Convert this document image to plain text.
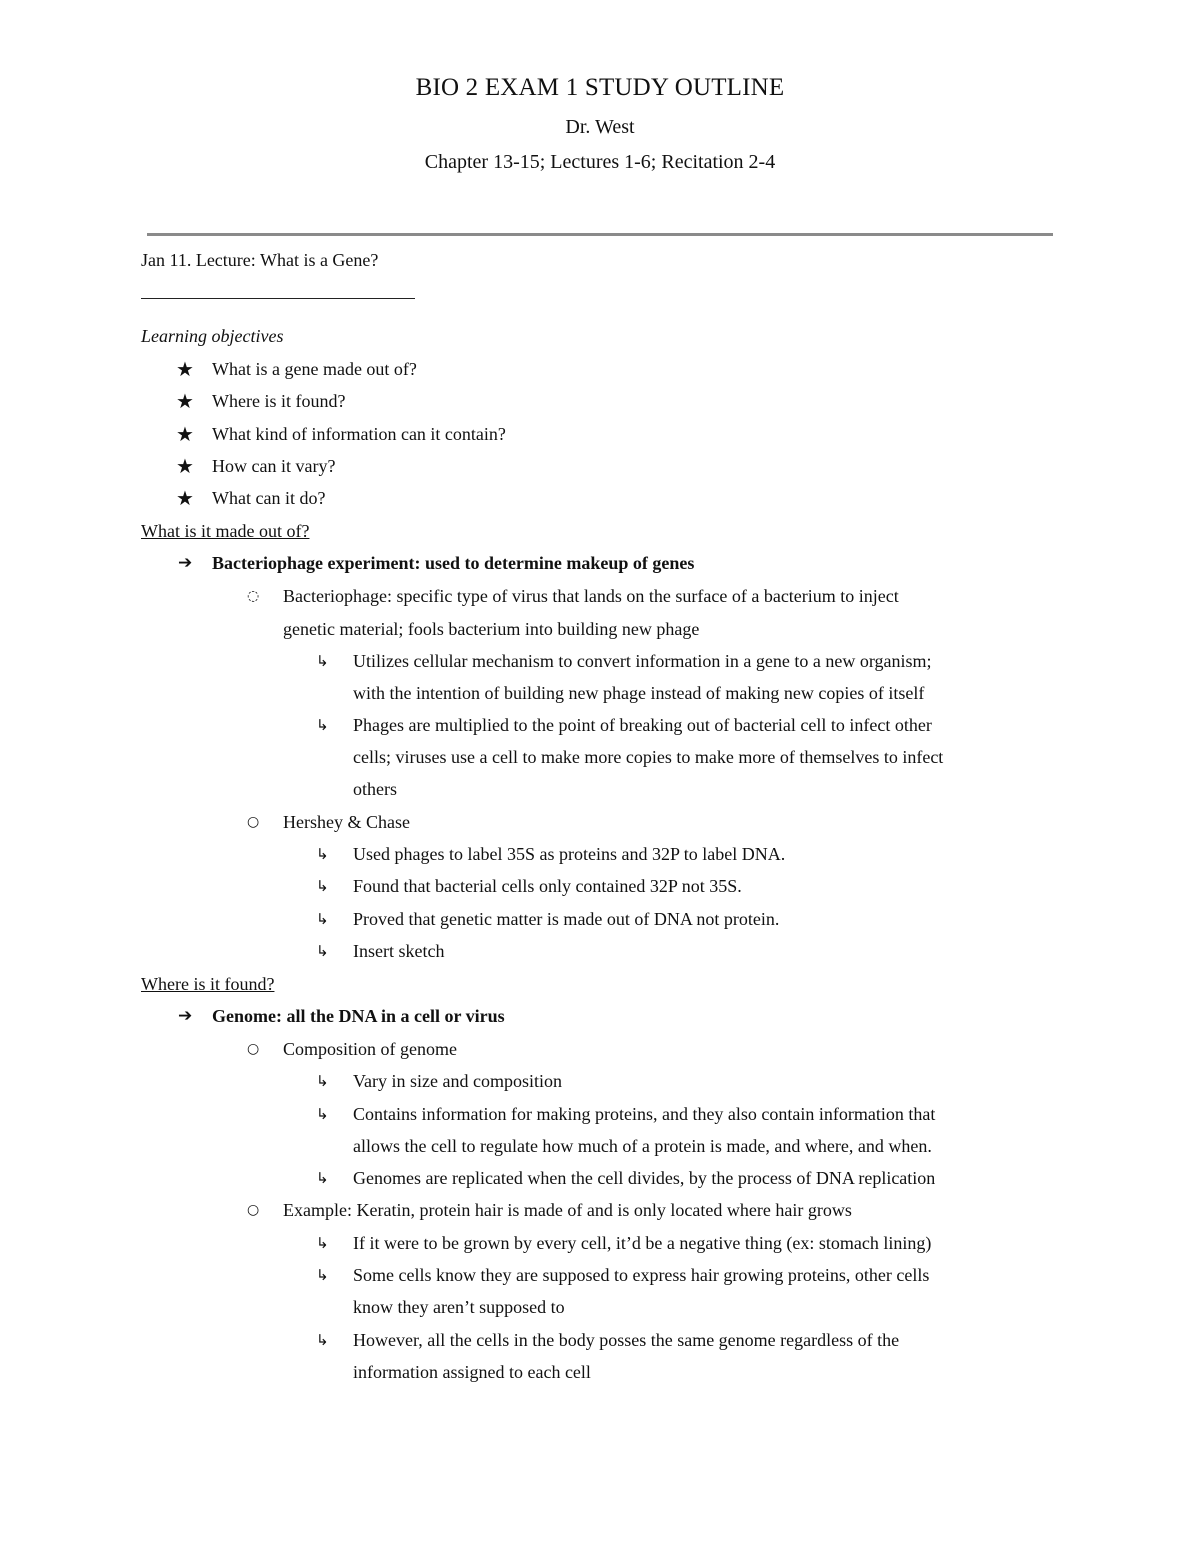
BIO 2 EXAM 1 STUDY OUTLINE
Dr. West
Chapter 13-15; Lectures 1-6; Recitation 2-4
Jan 11. Lecture: What is a Gene?
Learning objectives
★ What is a gene made out of?
★ Where is it found?
★ What kind of information can it contain?
★ How can it vary?
★ What can it do?
What is it made out of?
➔ Bacteriophage experiment: used to determine makeup of genes
◌ Bacteriophage: specific type of virus that lands on the surface of a bacterium to inject
genetic material; fools bacterium into building new phage
↳ Utilizes cellular mechanism to convert information in a gene to a new organism;
with the intention of building new phage instead of making new copies of itself
↳ Phages are multiplied to the point of breaking out of bacterial cell to infect other
cells; viruses use a cell to make more copies to make more of themselves to infect
others
○ Hershey & Chase
↳ Used phages to label 35S as proteins and 32P to label DNA.
↳ Found that bacterial cells only contained 32P not 35S.
↳ Proved that genetic matter is made out of DNA not protein.
↳ Insert sketch
Where is it found?
➔ Genome: all the DNA in a cell or virus
○ Composition of genome
↳ Vary in size and composition
↳ Contains information for making proteins, and they also contain information that
allows the cell to regulate how much of a protein is made, and where, and when.
↳ Genomes are replicated when the cell divides, by the process of DNA replication
○ Example: Keratin, protein hair is made of and is only located where hair grows
↳ If it were to be grown by every cell, it’d be a negative thing (ex: stomach lining)
↳ Some cells know they are supposed to express hair growing proteins, other cells
know they aren’t supposed to
↳ However, all the cells in the body posses the same genome regardless of the
information assigned to each cell
